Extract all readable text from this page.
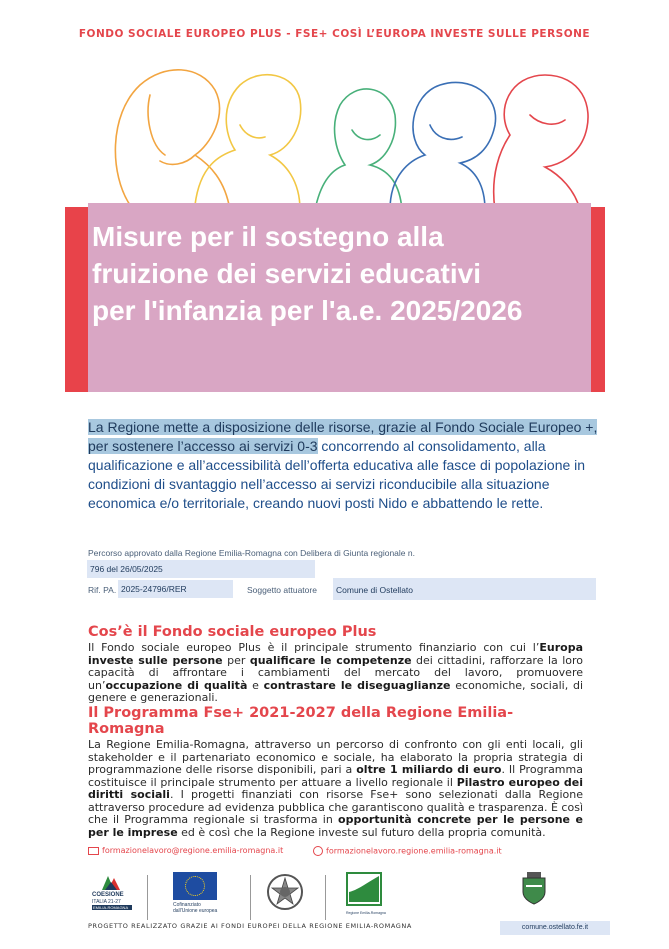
FONDO SOCIALE EUROPEO PLUS - FSE+ COSÌ L’EUROPA INVESTE SULLE PERSONE
Misure per il sostegno alla
fruizione dei servizi educativi
per l'infanzia per l'a.e. 2025/2026
La Regione mette a disposizione delle risorse, grazie al Fondo Sociale Europeo +, per sostenere l’accesso ai servizi 0-3 concorrendo al consolidamento, alla qualificazione e all’accessibilità dell’offerta educativa alle fasce di popolazione in condizioni di svantaggio nell’accesso ai servizi riconducibile alla situazione economica e/o territoriale, creando nuovi posti Nido e abbattendo le rette.
Percorso approvato dalla Regione Emilia-Romagna con Delibera di Giunta regionale n.
796 del 26/05/2025
Rif. PA. 2025-24796/RER	Soggetto attuatore	Comune di Ostellato
Cos’è il Fondo sociale europeo Plus
Il Fondo sociale europeo Plus è il principale strumento finanziario con cui l’Europa investe sulle persone per qualificare le competenze dei cittadini, rafforzare la loro capacità di affrontare i cambiamenti del mercato del lavoro, promuovere un’occupazione di qualità e contrastare le diseguaglianze economiche, sociali, di genere e generazionali.
Il Programma Fse+ 2021-2027 della Regione Emilia-Romagna
La Regione Emilia-Romagna, attraverso un percorso di confronto con gli enti locali, gli stakeholder e il partenariato economico e sociale, ha elaborato la propria strategia di programmazione delle risorse disponibili, pari a oltre 1 miliardo di euro. Il Programma costituisce il principale strumento per attuare a livello regionale il Pilastro europeo dei diritti sociali. I progetti finanziati con risorse Fse+ sono selezionati dalla Regione attraverso procedure ad evidenza pubblica che garantiscono qualità e trasparenza. È così che il Programma regionale si trasforma in opportunità concrete per le persone e per le imprese ed è così che la Regione investe sul futuro della propria comunità.
formazionelavoro@regione.emilia-romagna.it	formazionelavoro.regione.emilia-romagna.it
COESIONE
ITALIA 21-27
EMILIA-ROMAGNA	Cofinanziato
dall'Unione europea	Regione Emilia-Romagna
comune.ostellato.fe.it
PROGETTO REALIZZATO GRAZIE AI FONDI EUROPEI DELLA REGIONE EMILIA-ROMAGNA
